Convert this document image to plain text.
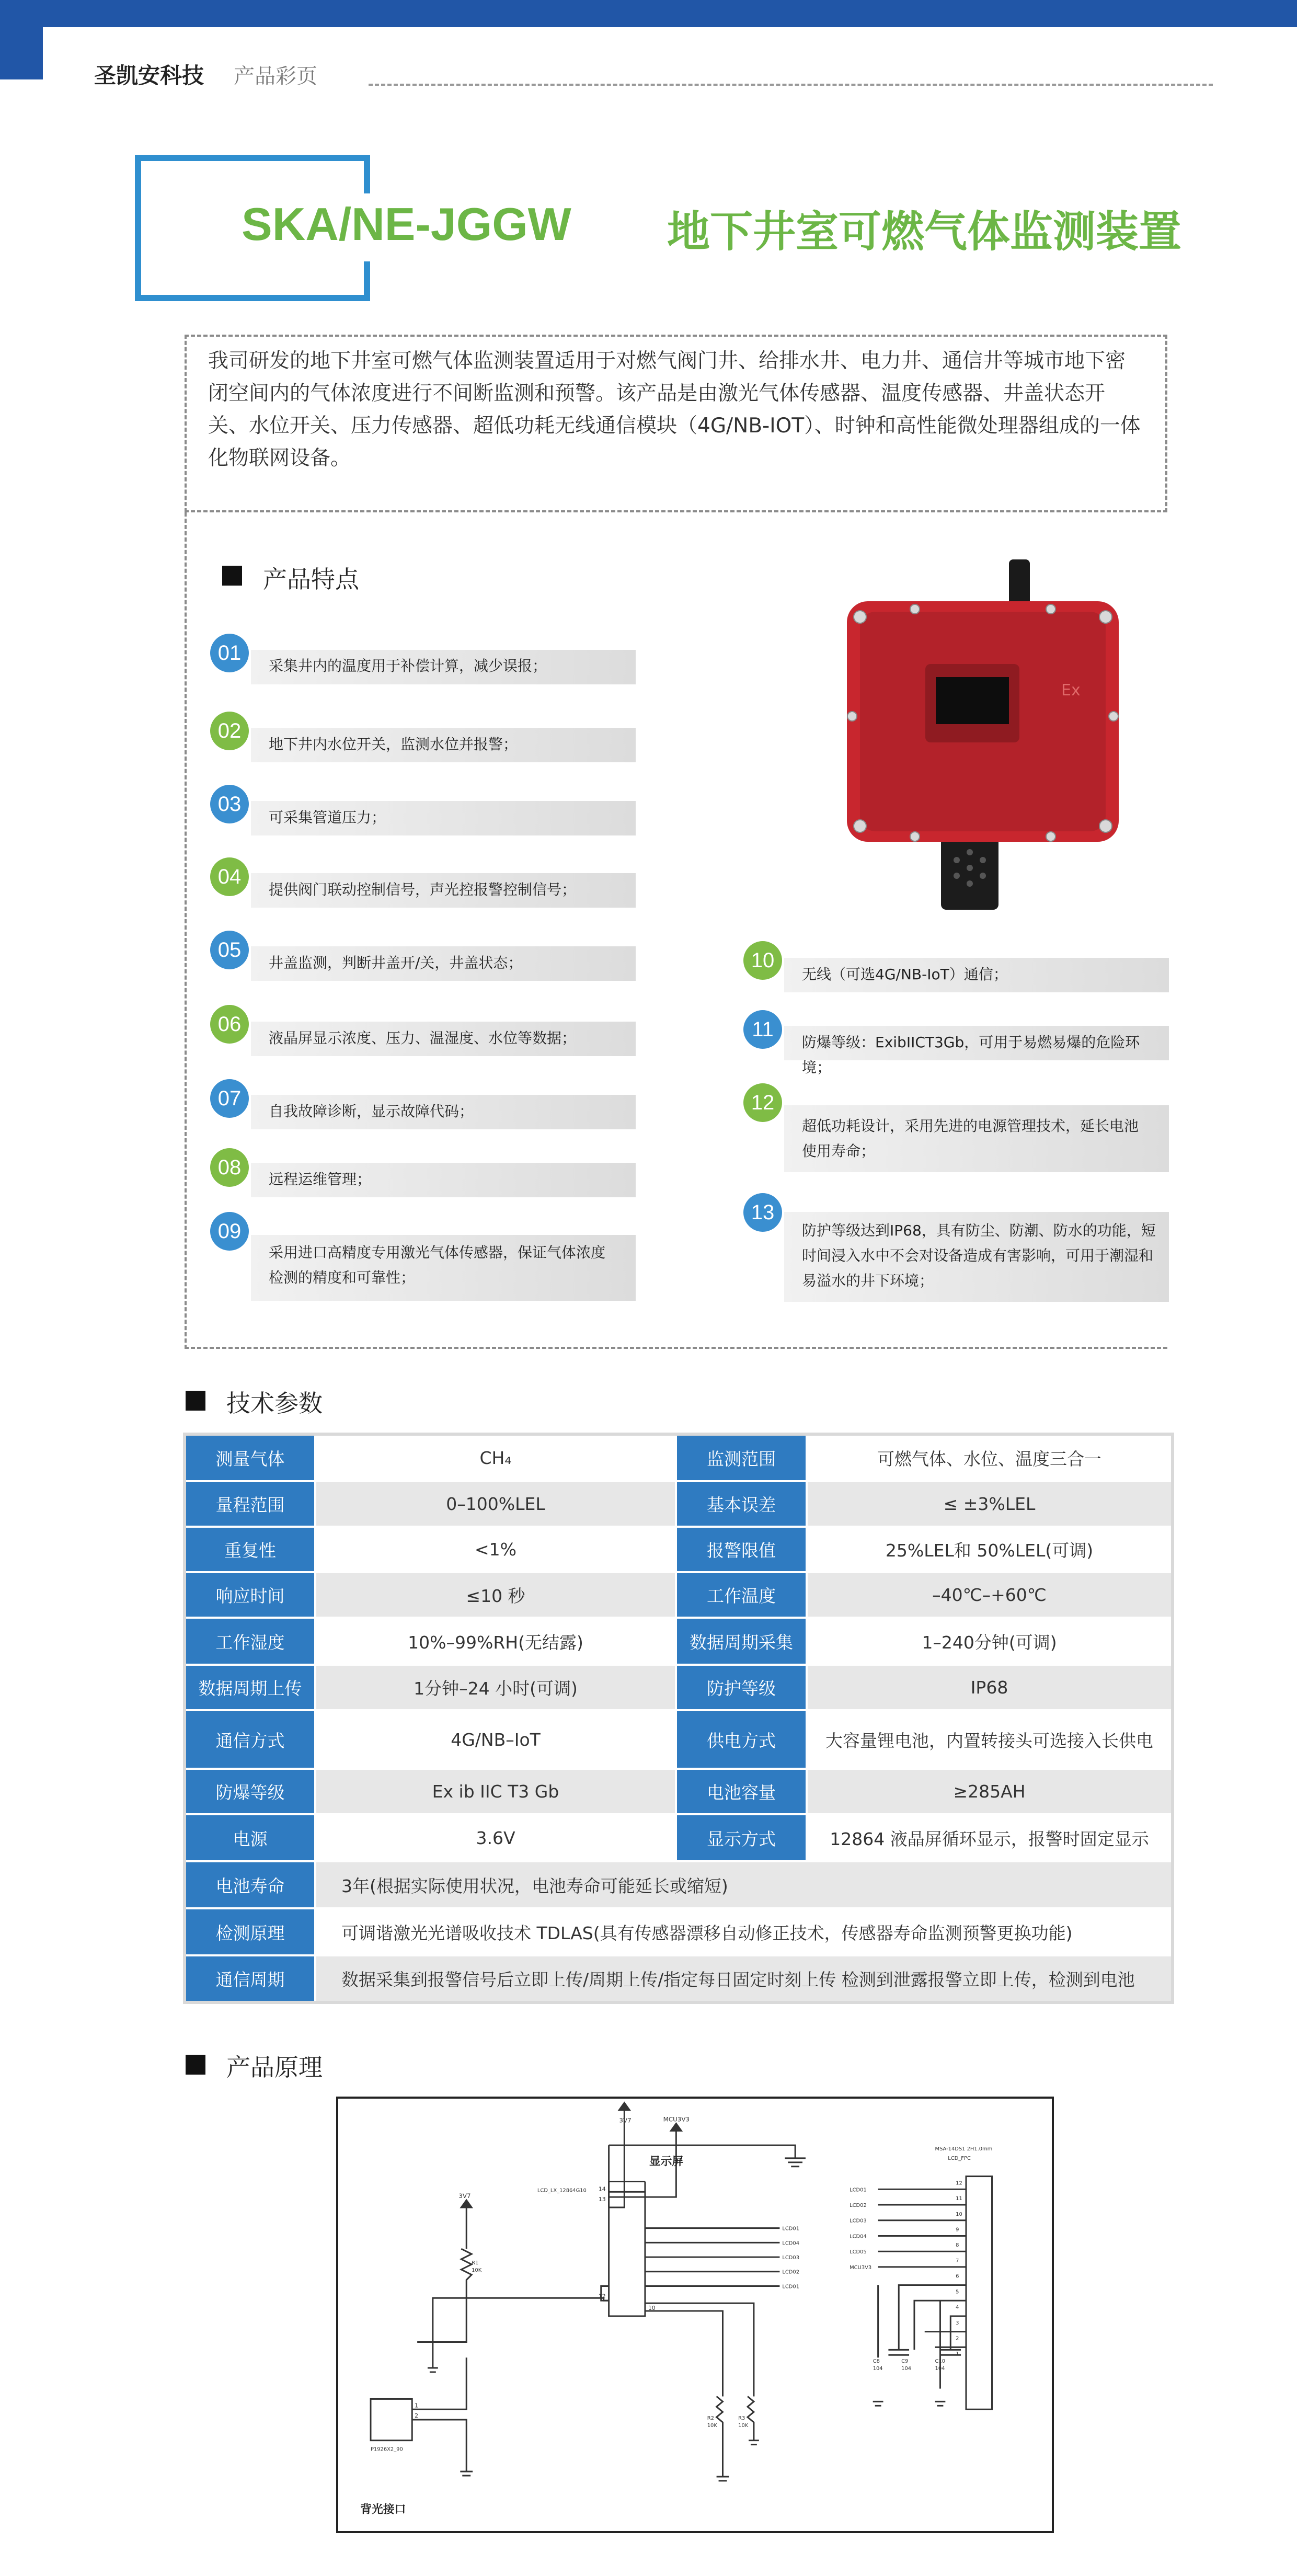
圣凯安科技 产品彩页
SKA/NE-JGGW 地下井室可燃气体监测装置
我司研发的地下井室可燃气体监测装置适用于对燃气阀门井、给排水井、电力井、通信井等城市地下密闭空间内的气体浓度进行不间断监测和预警。该产品是由激光气体传感器、温度传感器、井盖状态开关、水位开关、压力传感器、超低功耗无线通信模块（4G/NB-IOT）、时钟和高性能微处理器组成的一体化物联网设备。
产品特点
01
采集井内的温度用于补偿计算，减少误报；
02
地下井内水位开关，监测水位并报警；
03
可采集管道压力；
04
提供阀门联动控制信号，声光控报警控制信号；
05
井盖监测，判断井盖开/关，井盖状态；
06
液晶屏显示浓度、压力、温湿度、水位等数据；
07
自我故障诊断，显示故障代码；
08
远程运维管理；
09
采用进口高精度专用激光气体传感器，保证气体浓度检测的精度和可靠性；
10
无线（可选4G/NB-IoT）通信；
11
防爆等级：ExibIICT3Gb，可用于易燃易爆的危险环境；
12
超低功耗设计，采用先进的电源管理技术，延长电池使用寿命；
13
防护等级达到IP68，具有防尘、防潮、防水的功能，短时间浸入水中不会对设备造成有害影响，可用于潮湿和易溢水的井下环境；
Ex
技术参数
测量气体	CH₄	监测范围	可燃气体、水位、温度三合一
量程范围	0–100%LEL	基本误差	≤ ±3%LEL
重复性	<1%	报警限值	25%LEL和 50%LEL(可调)
响应时间	≤10 秒	工作温度	–40℃–+60℃
工作湿度	10%–99%RH(无结露)	数据周期采集	1–240分钟(可调)
数据周期上传	1分钟–24 小时(可调)	防护等级	IP68
通信方式	4G/NB–IoT	供电方式	大容量锂电池，内置转接头可选接入长供电
防爆等级	Ex ib IIC T3 Gb	电池容量	≥285AH
电源	3.6V	显示方式	12864 液晶屏循环显示，报警时固定显示
电池寿命	3年(根据实际使用状况，电池寿命可能延长或缩短)		
检测原理	可调谐激光光谱吸收技术 TDLAS(具有传感器漂移自动修正技术，传感器寿命监测预警更换功能)		
通信周期	数据采集到报警信号后立即上传/周期上传/指定每日固定时刻上传 检测到泄露报警立即上传，检测到电池		
产品原理
显示屏
3V7	MCU3V3
3V7
LCD_LX_12864G10
MSA-14DS1 2H1.0mm
LCD_FPC
P1926X2_90
背光接口
14
13
12
10
1
2
LCD01
LCD04
LCD03
LCD02
LCD01
LCD01
LCD02
LCD03
LCD04
LCD05
MCU3V3
12
11
10
9
8
7
6
5
4
3
2
1
C8
104
C9
104
C10
104
R1
10K
R2
10K
R3
10K
